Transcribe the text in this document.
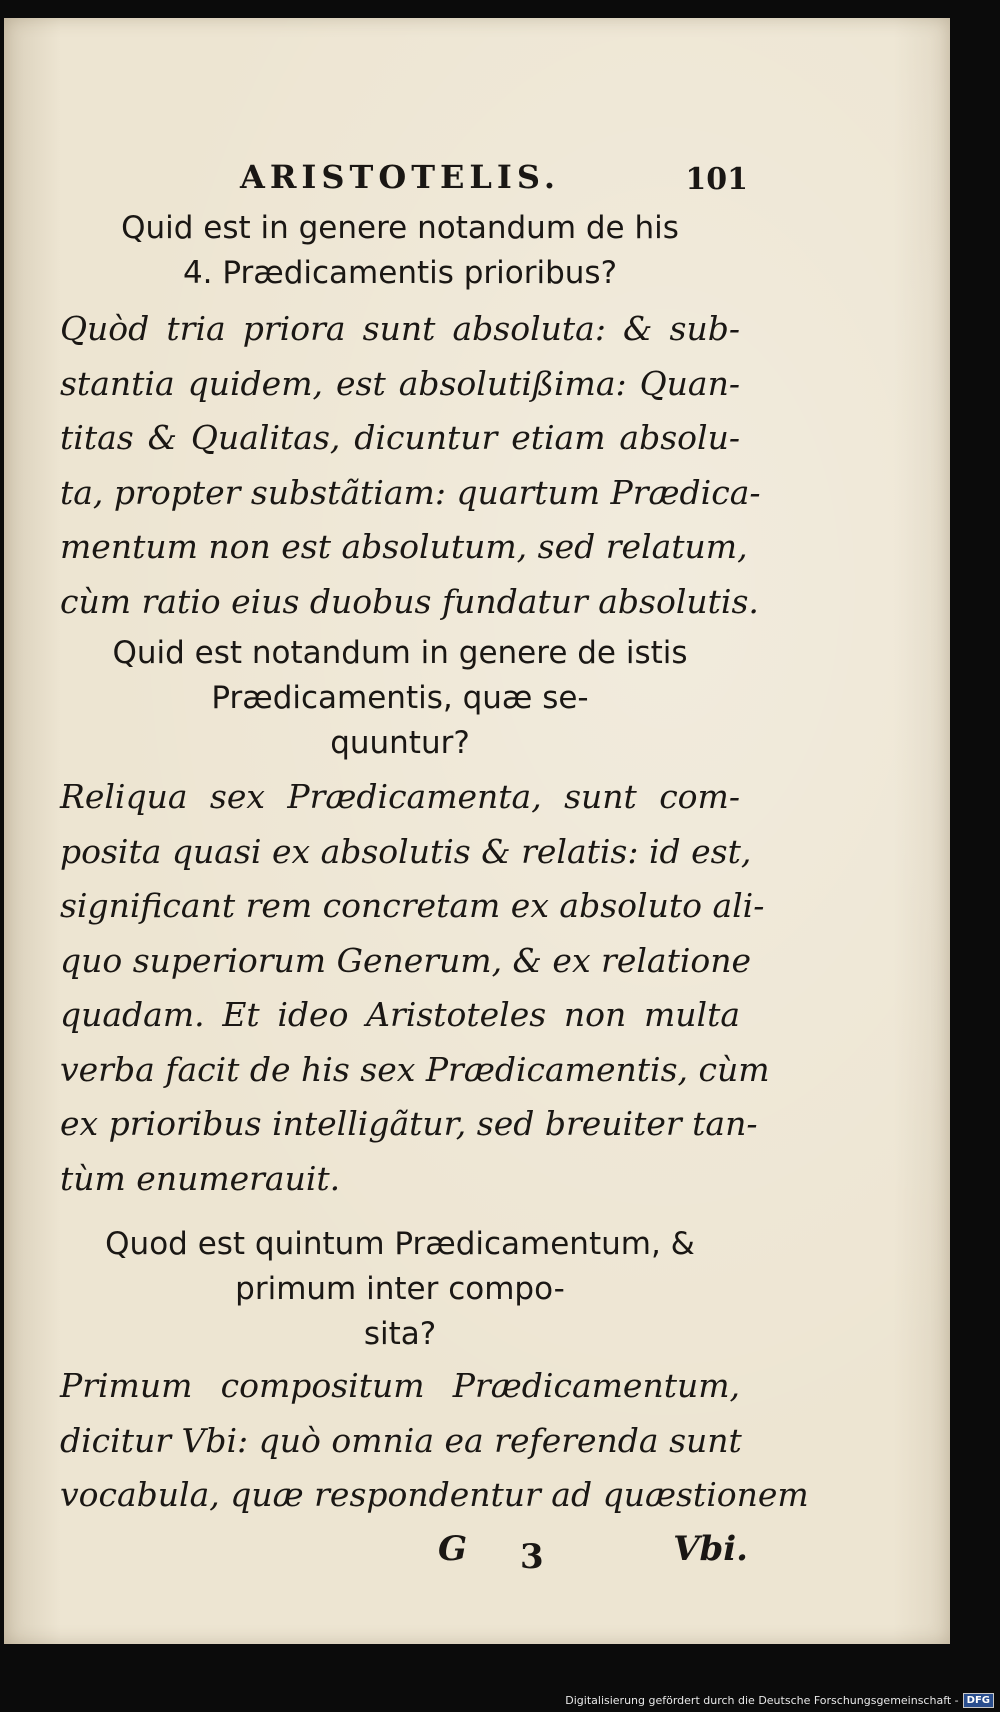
ARISTOTELIS.	101
Quid est in genere notandum de his
4. Prædicamentis prioribus?
Quòd tria priora sunt absoluta: & sub-
stantia quidem, est absolutißima: Quan-
titas & Qualitas, dicuntur etiam absolu-
ta, propter substãtiam: quartum Prædica-
mentum non est absolutum, sed relatum,
cùm ratio eius duobus fundatur absolutis.
Quid est notandum in genere de istis
Prædicamentis, quæ se-
quuntur?
Reliqua sex Prædicamenta, sunt com-
posita quasi ex absolutis & relatis: id est,
significant rem concretam ex absoluto ali-
quo superiorum Generum, & ex relatione
quadam. Et ideo Aristoteles non multa
verba facit de his sex Prædicamentis, cùm
ex prioribus intelligãtur, sed breuiter tan-
tùm enumerauit.
Quod est quintum Prædicamentum, &
primum inter compo-
sita?
Primum compositum Prædicamentum,
dicitur Vbi: quò omnia ea referenda sunt
vocabula, quæ respondentur ad quæstionem
G 3	Vbi.
Digitalisierung gefördert durch die Deutsche Forschungsgemeinschaft - DFG
